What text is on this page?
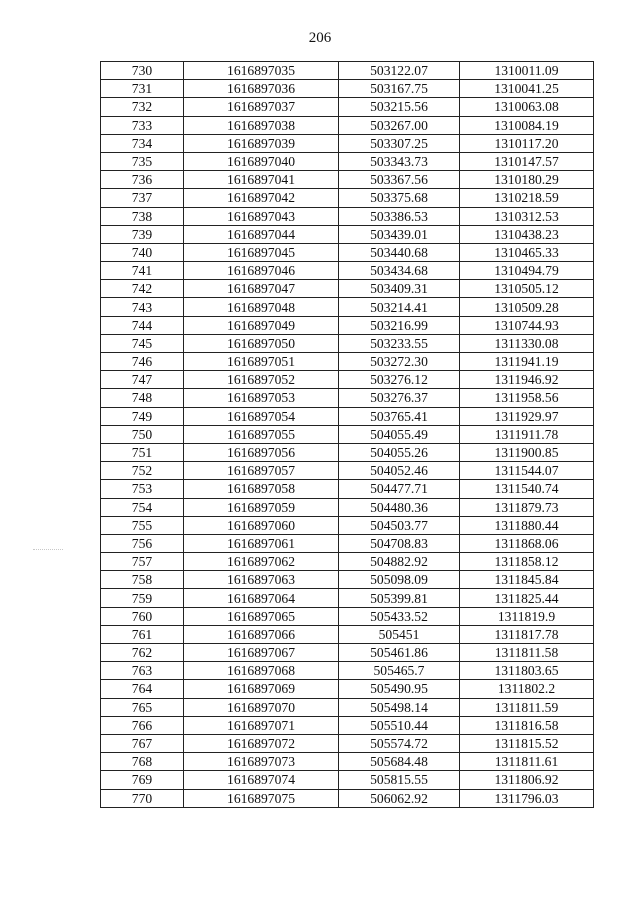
206
730	1616897035	503122.07	1310011.09
731	1616897036	503167.75	1310041.25
732	1616897037	503215.56	1310063.08
733	1616897038	503267.00	1310084.19
734	1616897039	503307.25	1310117.20
735	1616897040	503343.73	1310147.57
736	1616897041	503367.56	1310180.29
737	1616897042	503375.68	1310218.59
738	1616897043	503386.53	1310312.53
739	1616897044	503439.01	1310438.23
740	1616897045	503440.68	1310465.33
741	1616897046	503434.68	1310494.79
742	1616897047	503409.31	1310505.12
743	1616897048	503214.41	1310509.28
744	1616897049	503216.99	1310744.93
745	1616897050	503233.55	1311330.08
746	1616897051	503272.30	1311941.19
747	1616897052	503276.12	1311946.92
748	1616897053	503276.37	1311958.56
749	1616897054	503765.41	1311929.97
750	1616897055	504055.49	1311911.78
751	1616897056	504055.26	1311900.85
752	1616897057	504052.46	1311544.07
753	1616897058	504477.71	1311540.74
754	1616897059	504480.36	1311879.73
755	1616897060	504503.77	1311880.44
756	1616897061	504708.83	1311868.06
757	1616897062	504882.92	1311858.12
758	1616897063	505098.09	1311845.84
759	1616897064	505399.81	1311825.44
760	1616897065	505433.52	1311819.9
761	1616897066	505451	1311817.78
762	1616897067	505461.86	1311811.58
763	1616897068	505465.7	1311803.65
764	1616897069	505490.95	1311802.2
765	1616897070	505498.14	1311811.59
766	1616897071	505510.44	1311816.58
767	1616897072	505574.72	1311815.52
768	1616897073	505684.48	1311811.61
769	1616897074	505815.55	1311806.92
770	1616897075	506062.92	1311796.03
